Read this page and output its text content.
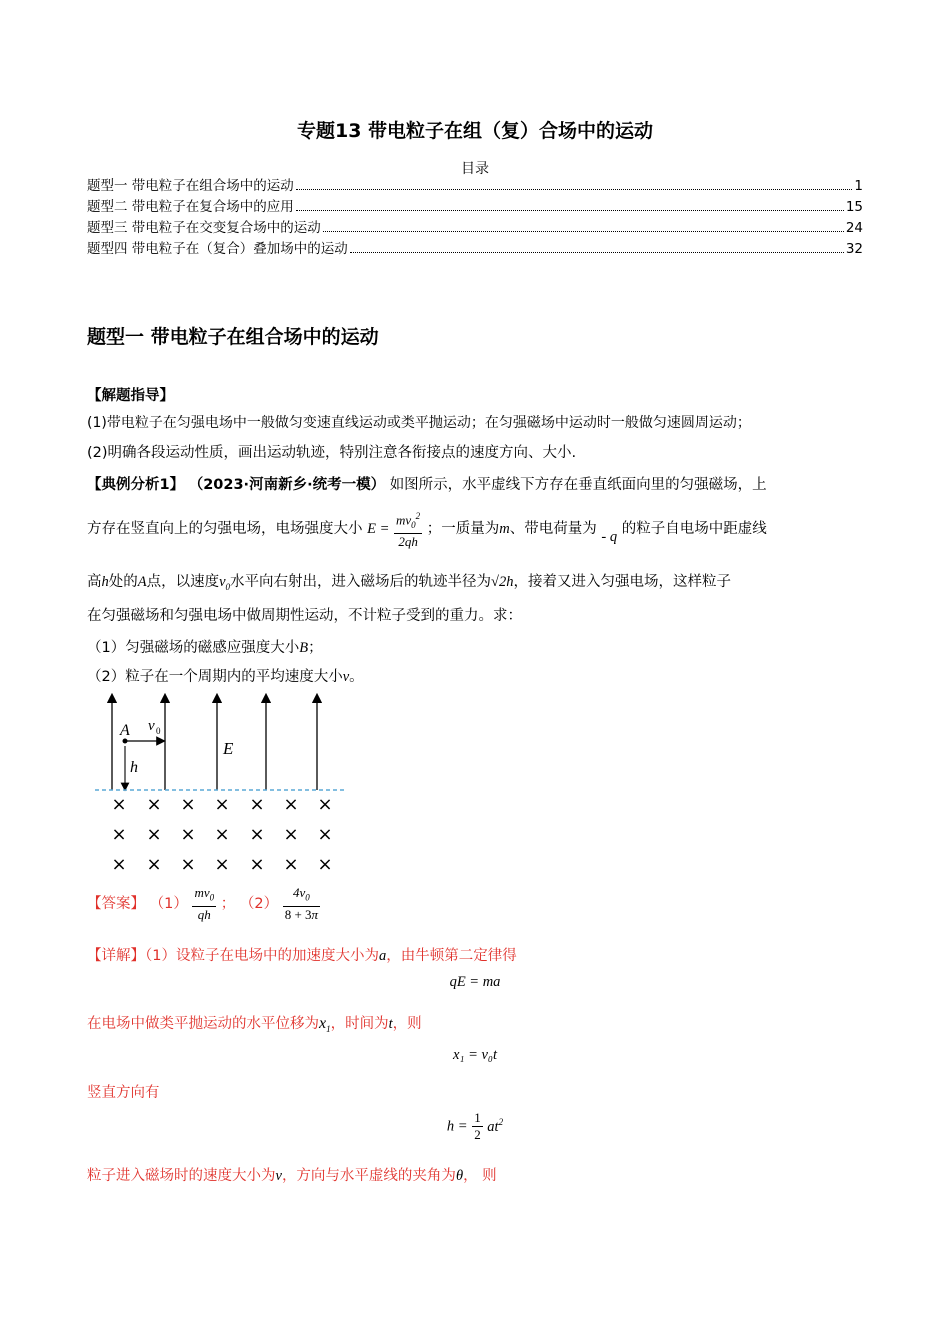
专题13 带电粒子在组（复）合场中的运动
目录
题型一 带电粒子在组合场中的运动	1
题型二 带电粒子在复合场中的应用	15
题型三 带电粒子在交变复合场中的运动	24
题型四 带电粒子在（复合）叠加场中的运动	32
题型一 带电粒子在组合场中的运动
【解题指导】
(1)带电粒子在匀强电场中一般做匀变速直线运动或类平抛运动；在匀强磁场中运动时一般做匀速圆周运动；
(2)明确各段运动性质，画出运动轨迹，特别注意各衔接点的速度方向、大小.
【典例分析1】 （2023·河南新乡·统考一模） 如图所示，水平虚线下方存在垂直纸面向里的匀强磁场，上
方存在竖直向上的匀强电场，电场强度大小 $E = \frac{mv_0^2}{2qh}$ ；一质量为m、带电荷量为 - q 的粒子自电场中距虚线
高h处的A点，以速度$v_0$水平向右射出，进入磁场后的轨迹半径为√2h，接着又进入匀强电场，这样粒子
在匀强磁场和匀强电场中做周期性运动，不计粒子受到的重力。求：
（1）匀强磁场的磁感应强度大小B；
（2）粒子在一个周期内的平均速度大小v。
A v 0
h
E
× × × × × × ×
× × × × × × ×
× × × × × × ×
【答案】 $(1) \frac{mv_0}{qh}$ ； $(2) \frac{4v_0}{8 + 3\pi}$
【详解】（1）设粒子在电场中的加速度大小为a，由牛顿第二定律得
qE = ma
在电场中做类平抛运动的水平位移为$x_1$，时间为t，则
x₁ = v₀t
竖直方向有
$h = \frac{1}{2} at^2$
粒子进入磁场时的速度大小为v，方向与水平虚线的夹角为θ， 则
